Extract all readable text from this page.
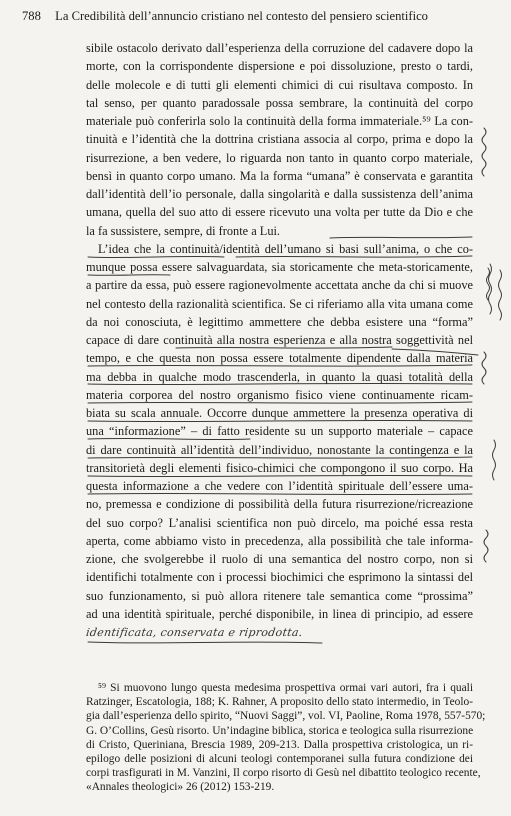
788 La Credibilità dell’annuncio cristiano nel contesto del pensiero scientifico
sibile ostacolo derivato dall’esperienza della corruzione del cadavere dopo la
morte, con la corrispondente dispersione e poi dissoluzione, presto o tardi,
delle molecole e di tutti gli elementi chimici di cui risultava composto. In
tal senso, per quanto paradossale possa sembrare, la continuità del corpo
materiale può conferirla solo la continuità della forma immateriale.⁵⁹ La con-
tinuità e l’identità che la dottrina cristiana associa al corpo, prima e dopo la
risurrezione, a ben vedere, lo riguarda non tanto in quanto corpo materiale,
bensì in quanto corpo umano. Ma la forma “umana” è conservata e garantita
dall’identità dell’io personale, dalla singolarità e dalla sussistenza dell’anima
umana, quella del suo atto di essere ricevuto una volta per tutte da Dio e che
la fa sussistere, sempre, di fronte a Lui.
L’idea che la continuità/identità dell’umano si basi sull’anima, o che co-
munque possa essere salvaguardata, sia storicamente che meta-storicamente,
a partire da essa, può essere ragionevolmente accettata anche da chi si muove
nel contesto della razionalità scientifica. Se ci riferiamo alla vita umana come
da noi conosciuta, è legittimo ammettere che debba esistere una “forma”
capace di dare continuità alla nostra esperienza e alla nostra soggettività nel
tempo, e che questa non possa essere totalmente dipendente dalla materia
ma debba in qualche modo trascenderla, in quanto la quasi totalità della
materia corporea del nostro organismo fisico viene continuamente ricam-
biata su scala annuale. Occorre dunque ammettere la presenza operativa di
una “informazione” – di fatto residente su un supporto materiale – capace
di dare continuità all’identità dell’individuo, nonostante la contingenza e la
transitorietà degli elementi fisico-chimici che compongono il suo corpo. Ha
questa informazione a che vedere con l’identità spirituale dell’essere uma-
no, premessa e condizione di possibilità della futura risurrezione/ricreazione
del suo corpo? L’analisi scientifica non può dircelo, ma poiché essa resta
aperta, come abbiamo visto in precedenza, alla possibilità che tale informa-
zione, che svolgerebbe il ruolo di una semantica del nostro corpo, non si
identifichi totalmente con i processi biochimici che esprimono la sintassi del
suo funzionamento, si può allora ritenere tale semantica come “prossima”
ad una identità spirituale, perché disponibile, in linea di principio, ad essere
identificata, conservata e riprodotta.
⁵⁹ Si muovono lungo questa medesima prospettiva ormai vari autori, fra i quali
Ratzinger, Escatologia, 188; K. Rahner, A proposito dello stato intermedio, in Teolo-
gia dall’esperienza dello spirito, “Nuovi Saggi”, vol. VI, Paoline, Roma 1978, 557-570;
G. O’Collins, Gesù risorto. Un’indagine biblica, storica e teologica sulla risurrezione
di Cristo, Queriniana, Brescia 1989, 209-213. Dalla prospettiva cristologica, un ri-
epilogo delle posizioni di alcuni teologi contemporanei sulla futura condizione dei
corpi trasfigurati in M. Vanzini, Il corpo risorto di Gesù nel dibattito teologico recente,
«Annales theologici» 26 (2012) 153-219.
